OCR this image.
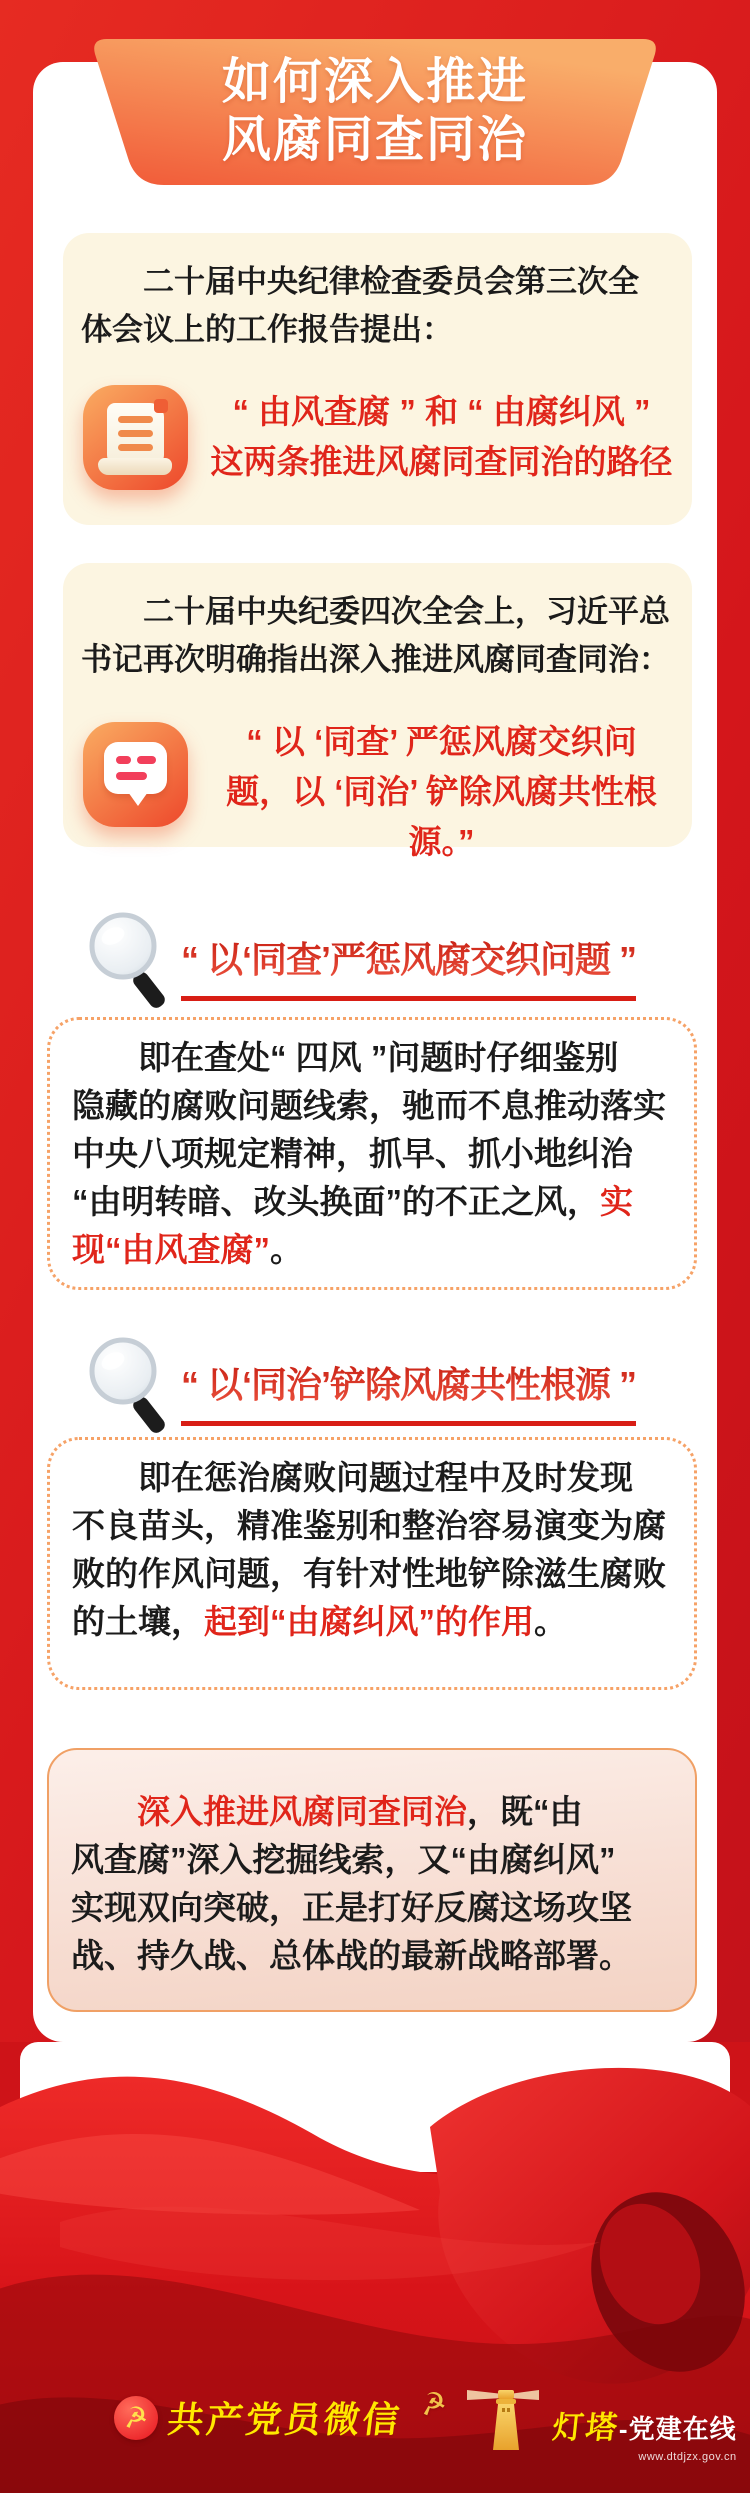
如何深入推进
风腐同查同治

二十届中央纪律检查委员会第三次全
体会议上的工作报告提出：

“ 由风查腐 ” 和 “ 由腐纠风 ”
这两条推进风腐同查同治的路径

二十届中央纪委四次全会上，习近平总
书记再次明确指出深入推进风腐同查同治：

“ 以 ‘同查’ 严惩风腐交织问
题，以 ‘同治’ 铲除风腐共性根源。”
“ 以‘同查’严惩风腐交织问题 ”

即在查处“ 四风 ”问题时仔细鉴别
隐藏的腐败问题线索，驰而不息推动落实
中央八项规定精神，抓早、抓小地纠治
“由明转暗、改头换面”的不正之风，实
现“由风查腐”。

“ 以‘同治’铲除风腐共性根源 ”

即在惩治腐败问题过程中及时发现
不良苗头，精准鉴别和整治容易演变为腐
败的作风问题，有针对性地铲除滋生腐败
的土壤，起到“由腐纠风”的作用。

深入推进风腐同查同治，既“由
风查腐”深入挖掘线索，又“由腐纠风”
实现双向突破，正是打好反腐这场攻坚
战、持久战、总体战的最新战略部署。

☭ 共产党员微信 ☭
灯塔
-党建在线
www.dtdjzx.gov.cn
